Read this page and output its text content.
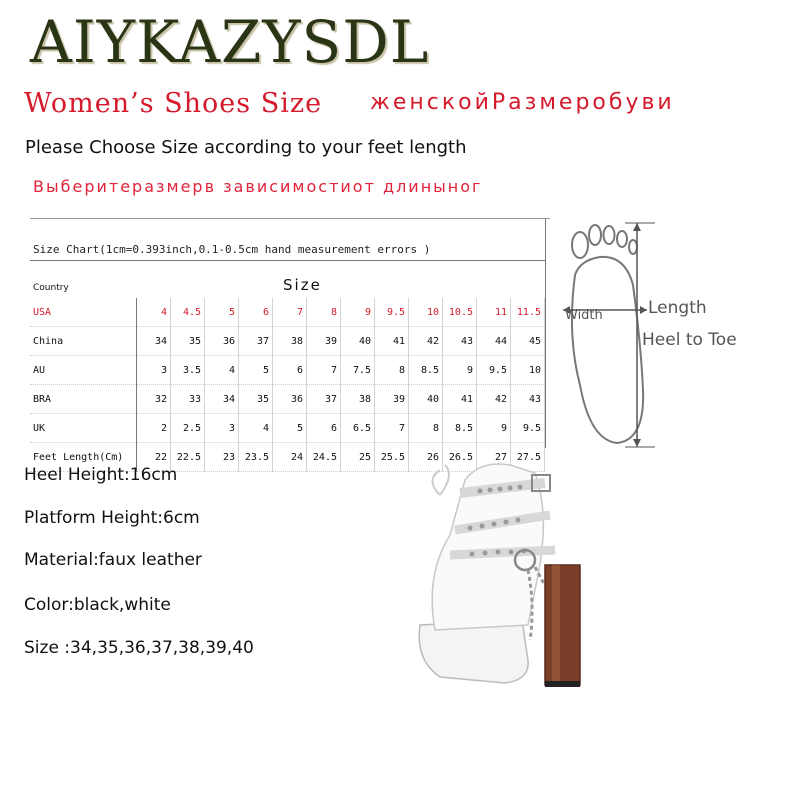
AIYKAZYSDL
Women’s Shoes Size женскойРазмеробуви
Please Choose Size according to your feet length
Выберитеразмерв зависимостиот длиныног
Size Chart(1cm=0.393inch,0.1-0.5cm hand measurement errors )
Size
Country
USA	4	4.5	5	6	7	8	9	9.5	10	10.5	11	11.5
China	34	35	36	37	38	39	40	41	42	43	44	45
AU	3	3.5	4	5	6	7	7.5	8	8.5	9	9.5	10
BRA	32	33	34	35	36	37	38	39	40	41	42	43
UK	2	2.5	3	4	5	6	6.5	7	8	8.5	9	9.5
Feet Length(Cm)	22	22.5	23	23.5	24	24.5	25	25.5	26	26.5	27	27.5
Width	Length
Heel to Toe
Heel Height:16cm
Platform Height:6cm
Material:faux leather
Color:black,white
Size :34,35,36,37,38,39,40
